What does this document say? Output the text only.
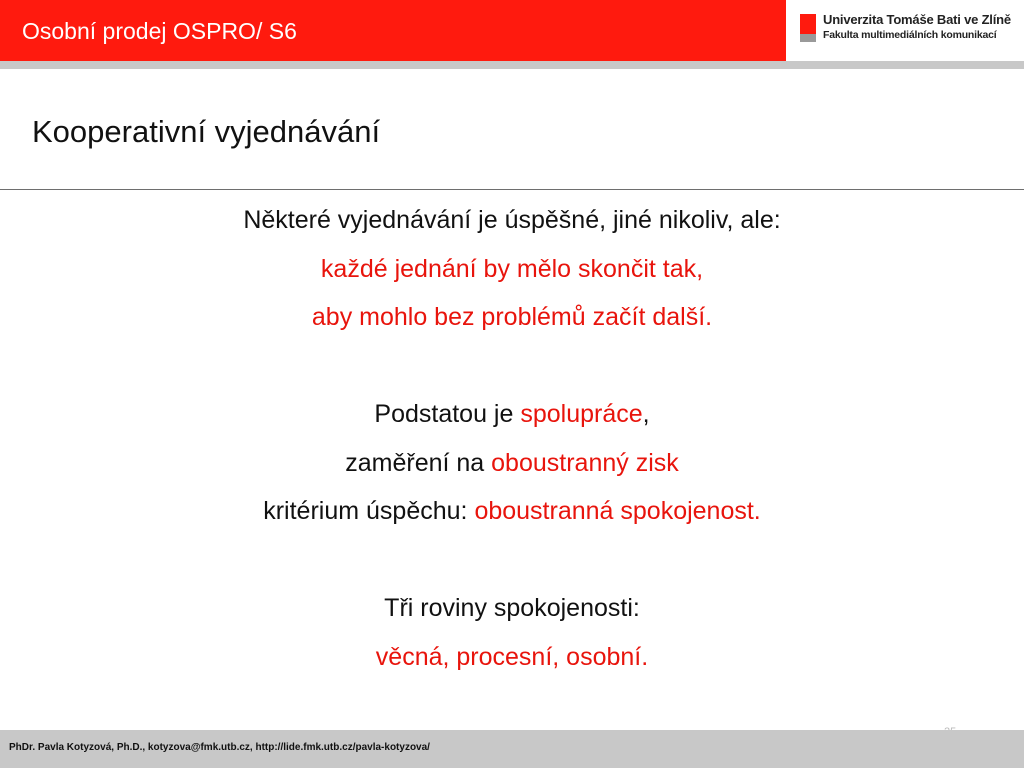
Osobní prodej OSPRO/ S6	Univerzita Tomáše Bati ve Zlíně
Fakulta multimediálních komunikací
Kooperativní vyjednávání
Některé vyjednávání je úspěšné, jiné nikoliv, ale:
každé jednání by mělo skončit tak,
aby mohlo bez problémů začít další.
Podstatou je spolupráce,
zaměření na oboustranný zisk
kritérium úspěchu: oboustranná spokojenost.
Tři roviny spokojenosti:
věcná, procesní, osobní.
PhDr. Pavla Kotyzová, Ph.D., kotyzova@fmk.utb.cz, http://lide.fmk.utb.cz/pavla-kotyzova/
